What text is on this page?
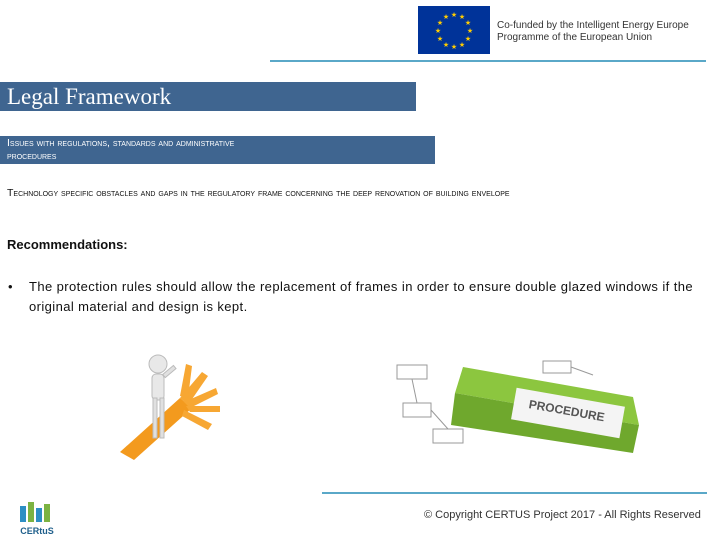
★ ★
★
★
★
★
★
★
★
★
★
★
Co-funded by the Intelligent Energy Europe
Programme of the European Union
Legal Framework
Issues with regulations, standards and administrative
procedures
Technology specific obstacles and gaps in the regulatory frame concerning the deep renovation of building envelope
Recommendations:
• The protection rules should allow the replacement of frames in order to ensure double glazed windows if the original material and design is kept.
PROCEDURE
CERtuS
© Copyright CERTUS Project 2017 - All Rights Reserved
